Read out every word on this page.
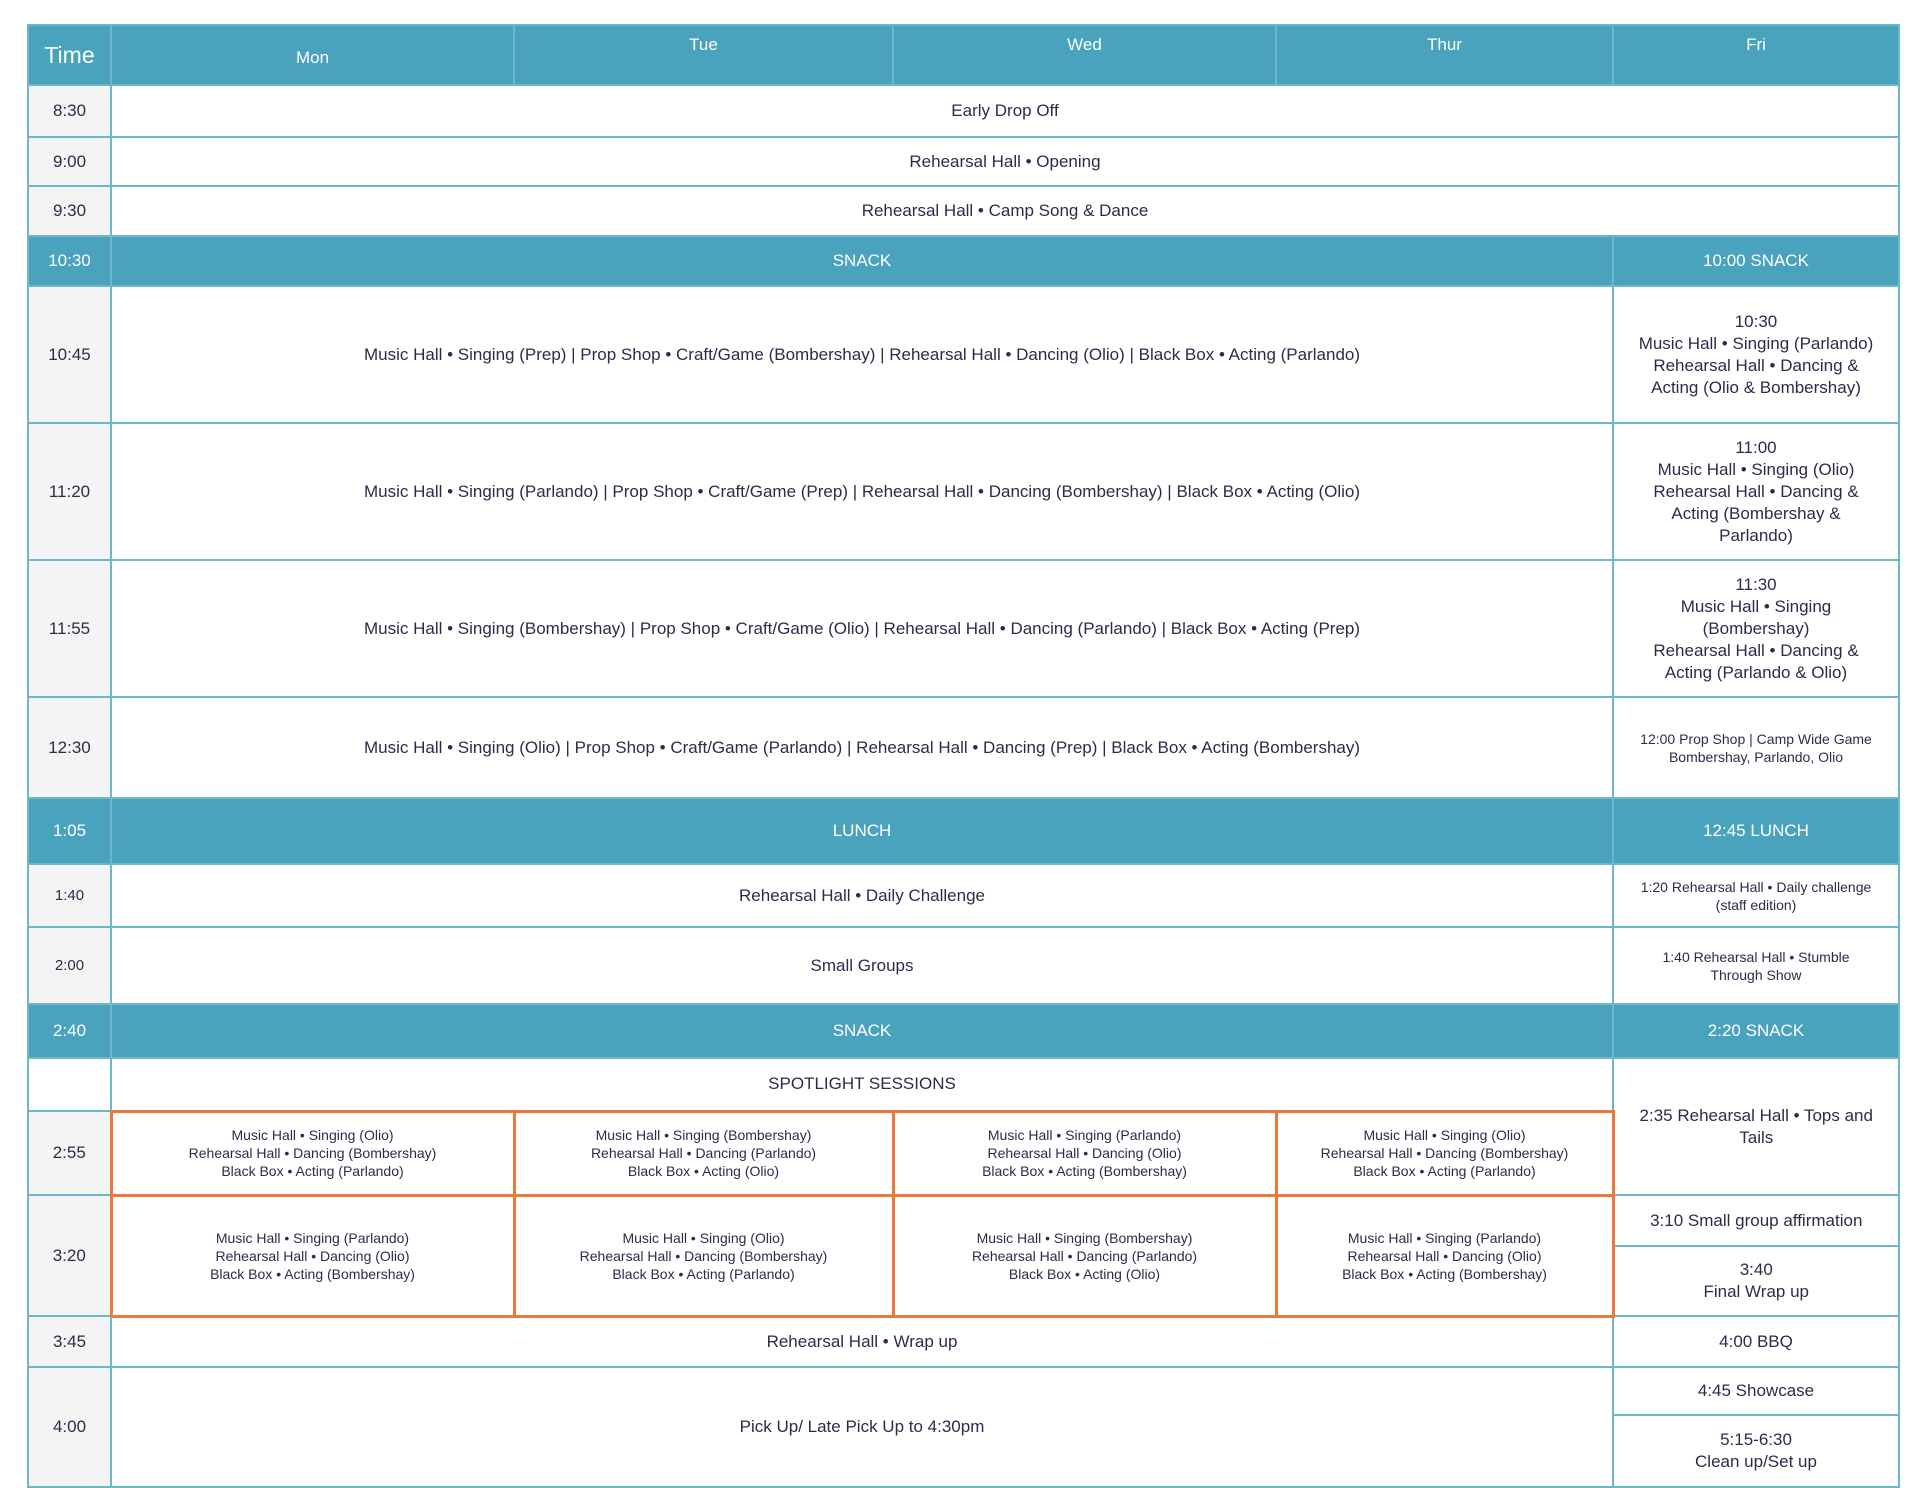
Time	Mon	Tue	Wed	Thur	Fri
8:30	Early Drop Off				
9:00	Rehearsal Hall • Opening				
9:30	Rehearsal Hall • Camp Song & Dance				
10:30	SNACK				10:00 SNACK
10:45	Music Hall • Singing (Prep) | Prop Shop • Craft/Game (Bombershay) | Rehearsal Hall • Dancing (Olio) | Black Box • Acting (Parlando)				10:30
Music Hall • Singing (Parlando)
Rehearsal Hall • Dancing &
Acting (Olio & Bombershay)

11:20	Music Hall • Singing (Parlando) | Prop Shop • Craft/Game (Prep) | Rehearsal Hall • Dancing (Bombershay) | Black Box • Acting (Olio)				11:00
Music Hall • Singing (Olio)
Rehearsal Hall • Dancing &
Acting (Bombershay &
Parlando)

11:55	Music Hall • Singing (Bombershay) | Prop Shop • Craft/Game (Olio) | Rehearsal Hall • Dancing (Parlando) | Black Box • Acting (Prep)				11:30
Music Hall • Singing
(Bombershay)
Rehearsal Hall • Dancing &
Acting (Parlando & Olio)

12:30	Music Hall • Singing (Olio) | Prop Shop • Craft/Game (Parlando) | Rehearsal Hall • Dancing (Prep) | Black Box • Acting (Bombershay)				12:00 Prop Shop | Camp Wide Game
Bombershay, Parlando, Olio

1:05	LUNCH				12:45 LUNCH
1:40	Rehearsal Hall • Daily Challenge				1:20 Rehearsal Hall • Daily challenge
(staff edition)

2:00	Small Groups				1:40 Rehearsal Hall • Stumble
Through Show

2:40	SNACK				2:20 SNACK
	SPOTLIGHT SESSIONS				2:35 Rehearsal Hall • Tops and
Tails

2:55	Music Hall • Singing (Olio)
Rehearsal Hall • Dancing (Bombershay)
Black Box • Acting (Parlando)	Music Hall • Singing (Bombershay)
Rehearsal Hall • Dancing (Parlando)
Black Box • Acting (Olio)	Music Hall • Singing (Parlando)
Rehearsal Hall • Dancing (Olio)
Black Box • Acting (Bombershay)	Music Hall • Singing (Olio)
Rehearsal Hall • Dancing (Bombershay)
Black Box • Acting (Parlando)	

3:20	Music Hall • Singing (Parlando)
Rehearsal Hall • Dancing (Olio)
Black Box • Acting (Bombershay)	Music Hall • Singing (Olio)
Rehearsal Hall • Dancing (Bombershay)
Black Box • Acting (Parlando)	Music Hall • Singing (Bombershay)
Rehearsal Hall • Dancing (Parlando)
Black Box • Acting (Olio)	Music Hall • Singing (Parlando)
Rehearsal Hall • Dancing (Olio)
Black Box • Acting (Bombershay)	3:10 Small group affirmation

					3:40
Final Wrap up

3:45	Rehearsal Hall • Wrap up				4:00 BBQ
4:00	Pick Up/ Late Pick Up to 4:30pm				4:45 Showcase

					5:15-6:30
Clean up/Set up
